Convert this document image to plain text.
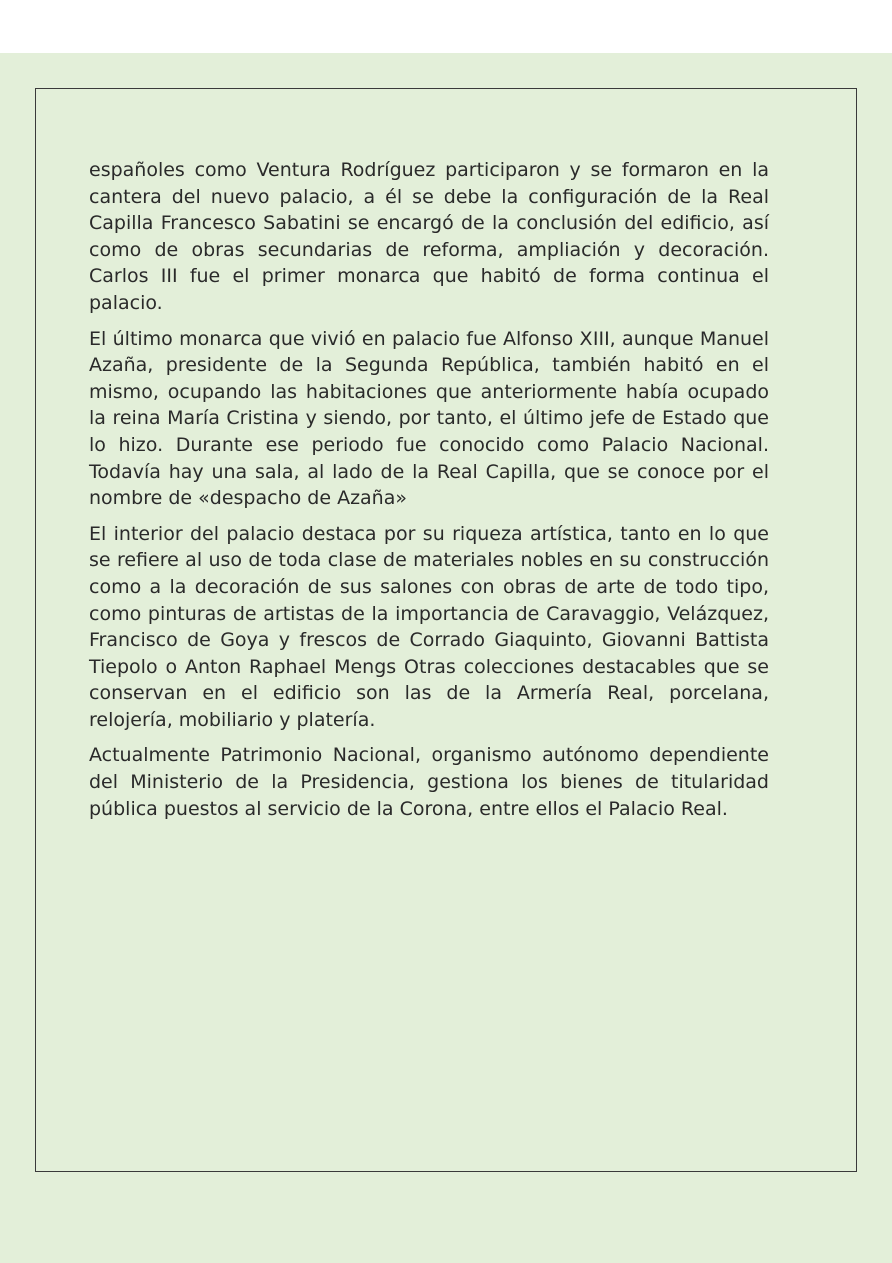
españoles como Ventura Rodríguez participaron y se formaron en la cantera del nuevo palacio, a él se debe la configuración de la Real Capilla Francesco Sabatini se encargó de la conclusión del edificio, así como de obras secundarias de reforma, ampliación y decoración. Carlos III fue el primer monarca que habitó de forma continua el palacio.

El último monarca que vivió en palacio fue Alfonso ⅩIII, aunque Manuel Azaña, presidente de la Segunda República, también habitó en el mismo, ocupando las habitaciones que anteriormente había ocupado la reina María Cristina y siendo, por tanto, el último jefe de Estado que lo hizo. Durante ese periodo fue conocido como Palacio Nacional. Todavía hay una sala, al lado de la Real Capilla, que se conoce por el nombre de «despacho de Azaña»

El interior del palacio destaca por su riqueza artística, tanto en lo que se refiere al uso de toda clase de materiales nobles en su construcción como a la decoración de sus salones con obras de arte de todo tipo, como pinturas de artistas de la importancia de Caravaggio, Velázquez, Francisco de Goya y frescos de Corrado Giaquinto, Giovanni Battista Tiepolo o Anton Raphael Mengs Otras colecciones destacables que se conservan en el edificio son las de la Armería Real, porcelana, relojería, mobiliario y platería.

Actualmente Patrimonio Nacional, organismo autónomo dependiente del Ministerio de la Presidencia, gestiona los bienes de titularidad pública puestos al servicio de la Corona, entre ellos el Palacio Real.
